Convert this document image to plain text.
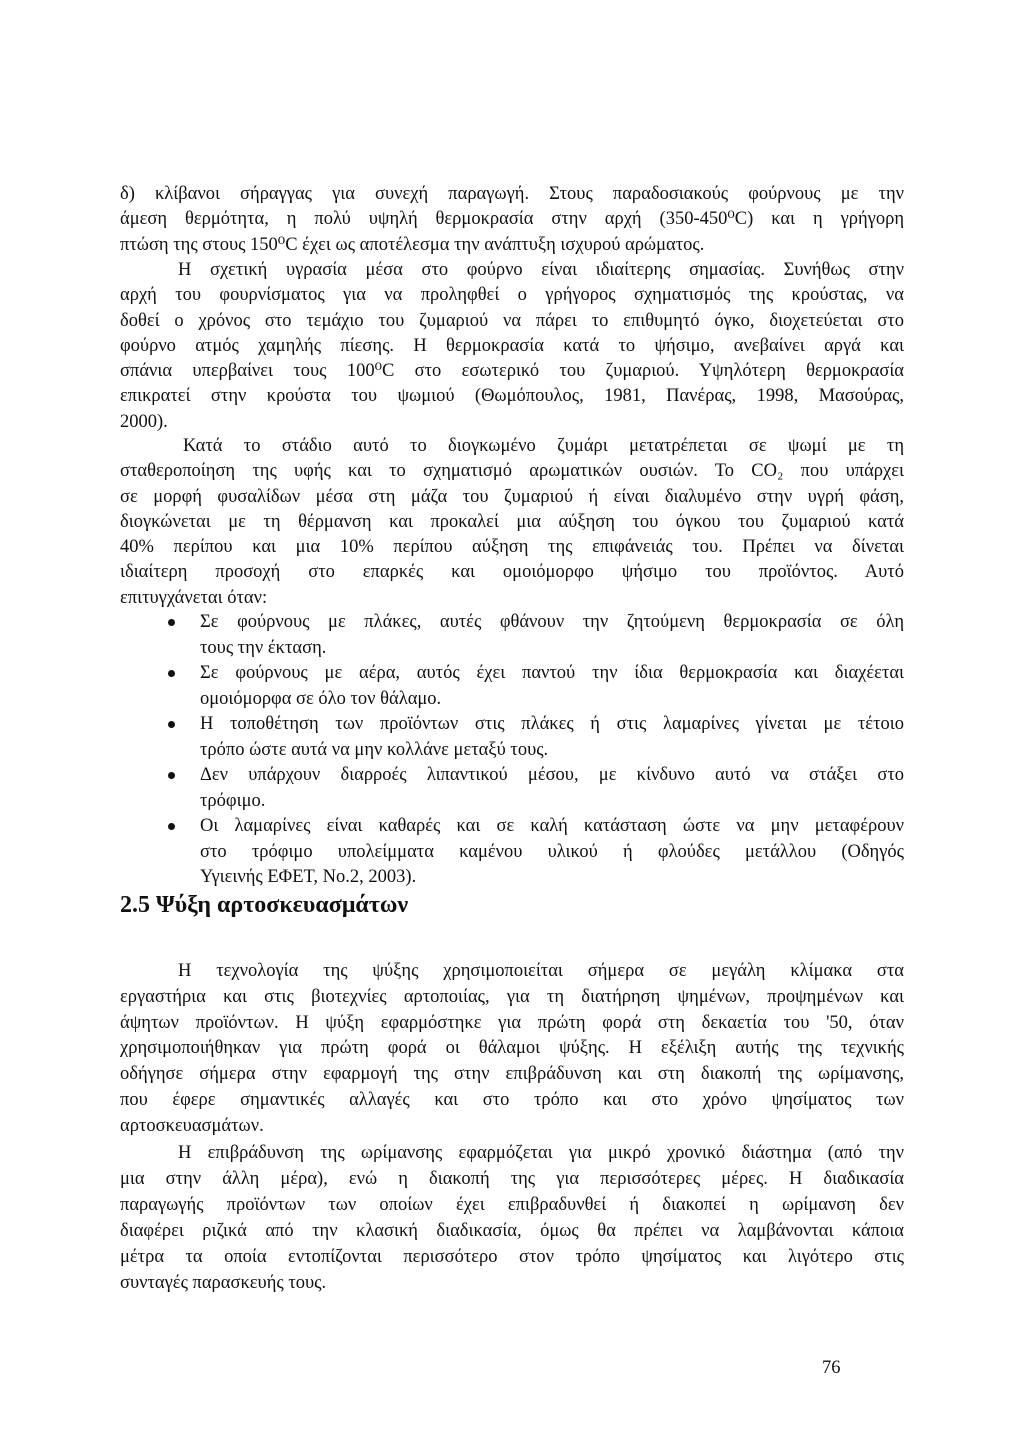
δ) κλίβανοι σήραγγας για συνεχή παραγωγή. Στους παραδοσιακούς φούρνους με την
άμεση θερμότητα, η πολύ υψηλή θερμοκρασία στην αρχή (350-450⁰C) και η γρήγορη
πτώση της στους 150⁰C έχει ως αποτέλεσμα την ανάπτυξη ισχυρού αρώματος.
Η σχετική υγρασία μέσα στο φούρνο είναι ιδιαίτερης σημασίας. Συνήθως στην
αρχή του φουρνίσματος για να προληφθεί ο γρήγορος σχηματισμός της κρούστας, να
δοθεί ο χρόνος στο τεμάχιο του ζυμαριού να πάρει το επιθυμητό όγκο, διοχετεύεται στο
φούρνο ατμός χαμηλής πίεσης. Η θερμοκρασία κατά το ψήσιμο, ανεβαίνει αργά και
σπάνια υπερβαίνει τους 100⁰C στο εσωτερικό του ζυμαριού. Υψηλότερη θερμοκρασία
επικρατεί στην κρούστα του ψωμιού (Θωμόπουλος, 1981, Πανέρας, 1998, Μασούρας,
2000).
Κατά το στάδιο αυτό το διογκωμένο ζυμάρι μετατρέπεται σε ψωμί με τη
σταθεροποίηση της υφής και το σχηματισμό αρωματικών ουσιών. Το CO₂ που υπάρχει
σε μορφή φυσαλίδων μέσα στη μάζα του ζυμαριού ή είναι διαλυμένο στην υγρή φάση,
διογκώνεται με τη θέρμανση και προκαλεί μια αύξηση του όγκου του ζυμαριού κατά
40% περίπου και μια 10% περίπου αύξηση της επιφάνειάς του. Πρέπει να δίνεται
ιδιαίτερη προσοχή στο επαρκές και ομοιόμορφο ψήσιμο του προϊόντος. Αυτό
επιτυγχάνεται όταν:
Σε φούρνους με πλάκες, αυτές φθάνουν την ζητούμενη θερμοκρασία σε όλη
τους την έκταση.
Σε φούρνους με αέρα, αυτός έχει παντού την ίδια θερμοκρασία και διαχέεται
ομοιόμορφα σε όλο τον θάλαμο.
Η τοποθέτηση των προϊόντων στις πλάκες ή στις λαμαρίνες γίνεται με τέτοιο
τρόπο ώστε αυτά να μην κολλάνε μεταξύ τους.
Δεν υπάρχουν διαρροές λιπαντικού μέσου, με κίνδυνο αυτό να στάξει στο
τρόφιμο.
Οι λαμαρίνες είναι καθαρές και σε καλή κατάσταση ώστε να μην μεταφέρουν
στο τρόφιμο υπολείμματα καμένου υλικού ή φλούδες μετάλλου (Οδηγός
Υγιεινής ΕΦΕΤ, Νο.2, 2003).
2.5 Ψύξη αρτοσκευασμάτων
Η τεχνολογία της ψύξης χρησιμοποιείται σήμερα σε μεγάλη κλίμακα στα
εργαστήρια και στις βιοτεχνίες αρτοποιίας, για τη διατήρηση ψημένων, προψημένων και
άψητων προϊόντων. Η ψύξη εφαρμόστηκε για πρώτη φορά στη δεκαετία του '50, όταν
χρησιμοποιήθηκαν για πρώτη φορά οι θάλαμοι ψύξης. Η εξέλιξη αυτής της τεχνικής
οδήγησε σήμερα στην εφαρμογή της στην επιβράδυνση και στη διακοπή της ωρίμανσης,
που έφερε σημαντικές αλλαγές και στο τρόπο και στο χρόνο ψησίματος των
αρτοσκευασμάτων.
Η επιβράδυνση της ωρίμανσης εφαρμόζεται για μικρό χρονικό διάστημα (από την
μια στην άλλη μέρα), ενώ η διακοπή της για περισσότερες μέρες. Η διαδικασία
παραγωγής προϊόντων των οποίων έχει επιβραδυνθεί ή διακοπεί η ωρίμανση δεν
διαφέρει ριζικά από την κλασική διαδικασία, όμως θα πρέπει να λαμβάνονται κάποια
μέτρα τα οποία εντοπίζονται περισσότερο στον τρόπο ψησίματος και λιγότερο στις
συνταγές παρασκευής τους.
76
